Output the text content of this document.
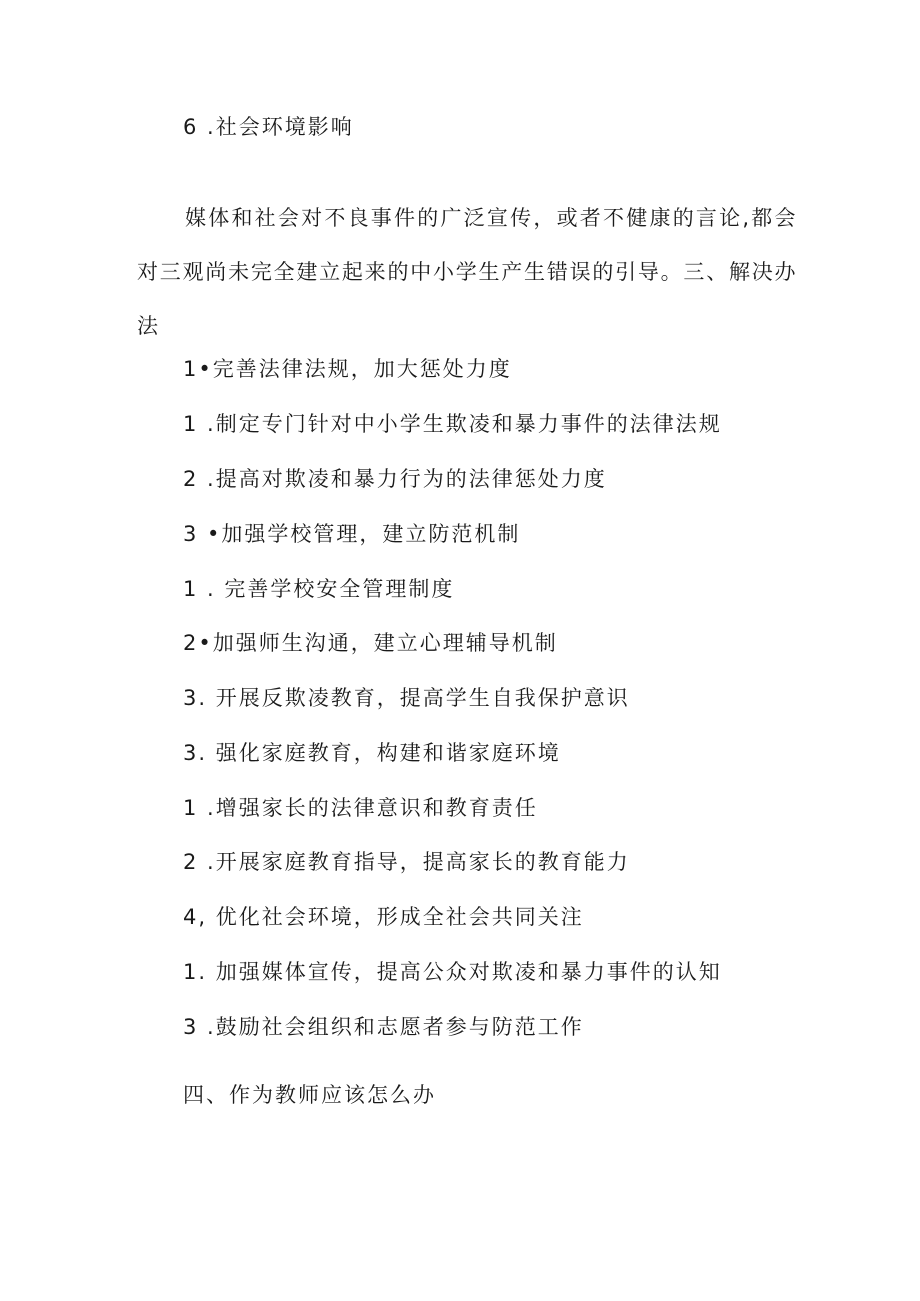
6 .社会环境影响
媒体和社会对不良事件的广泛宣传，或者不健康的言论,都会对三观尚未完全建立起来的中小学生产生错误的引导。三、解决办法
1•完善法律法规，加大惩处力度
1 .制定专门针对中小学生欺凌和暴力事件的法律法规
2 .提高对欺凌和暴力行为的法律惩处力度
3 •加强学校管理，建立防范机制
1 . 完善学校安全管理制度
2•加强师生沟通，建立心理辅导机制
3. 开展反欺凌教育，提高学生自我保护意识
3. 强化家庭教育，构建和谐家庭环境
1 .增强家长的法律意识和教育责任
2 .开展家庭教育指导，提高家长的教育能力
4, 优化社会环境，形成全社会共同关注
1. 加强媒体宣传，提高公众对欺凌和暴力事件的认知
3 .鼓励社会组织和志愿者参与防范工作
四、作为教师应该怎么办
